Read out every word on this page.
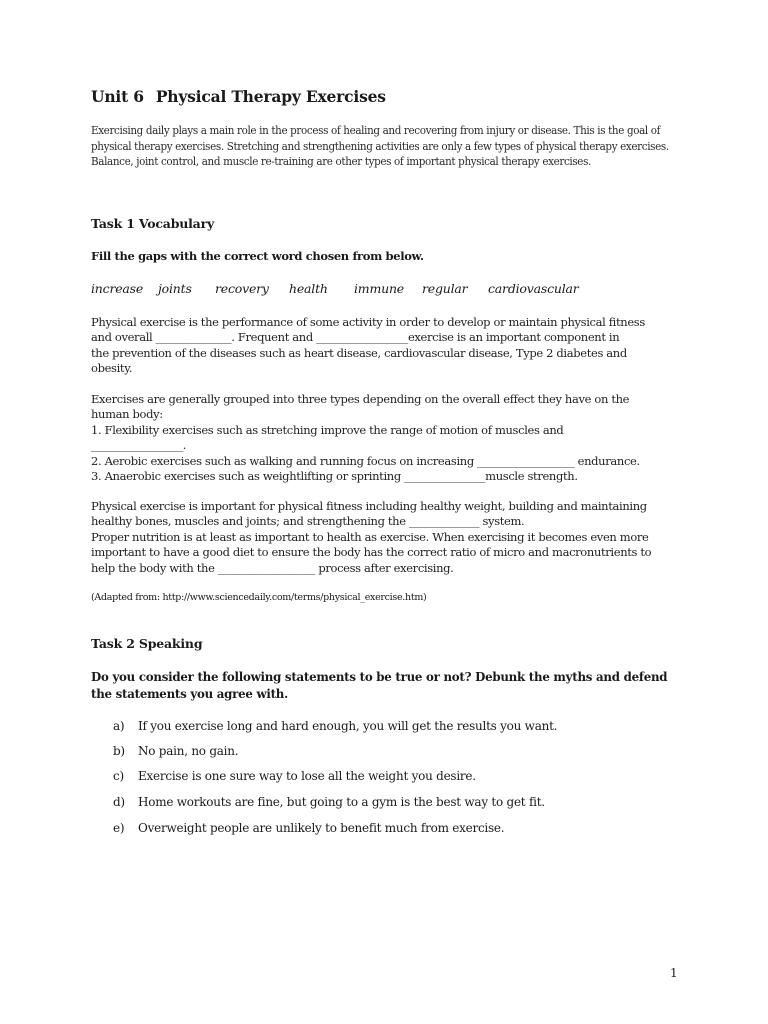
Unit 6 Physical Therapy Exercises
Exercising daily plays a main role in the process of healing and recovering from injury or disease. This is the goal of physical therapy exercises. Stretching and strengthening activities are only a few types of physical therapy exercises. Balance, joint control, and muscle re-training are other types of important physical therapy exercises.
Task 1 Vocabulary
Fill the gaps with the correct word chosen from below.
increase joints recovery health immune regular cardiovascular
Physical exercise is the performance of some activity in order to develop or maintain physical fitness
and overall ______________. Frequent and _________________exercise is an important component in
the prevention of the diseases such as heart disease, cardiovascular disease, Type 2 diabetes and
obesity.
Exercises are generally grouped into three types depending on the overall effect they have on the
human body:
1. Flexibility exercises such as stretching improve the range of motion of muscles and
_________________.
2. Aerobic exercises such as walking and running focus on increasing __________________ endurance.
3. Anaerobic exercises such as weightlifting or sprinting _______________muscle strength.
Physical exercise is important for physical fitness including healthy weight, building and maintaining
healthy bones, muscles and joints; and strengthening the _____________ system.
Proper nutrition is at least as important to health as exercise. When exercising it becomes even more
important to have a good diet to ensure the body has the correct ratio of micro and macronutrients to
help the body with the __________________ process after exercising.
(Adapted from: http://www.sciencedaily.com/terms/physical_exercise.htm)
Task 2 Speaking
Do you consider the following statements to be true or not? Debunk the myths and defend the statements you agree with.
a) If you exercise long and hard enough, you will get the results you want.
b) No pain, no gain.
c) Exercise is one sure way to lose all the weight you desire.
d) Home workouts are fine, but going to a gym is the best way to get fit.
e) Overweight people are unlikely to benefit much from exercise.
1
